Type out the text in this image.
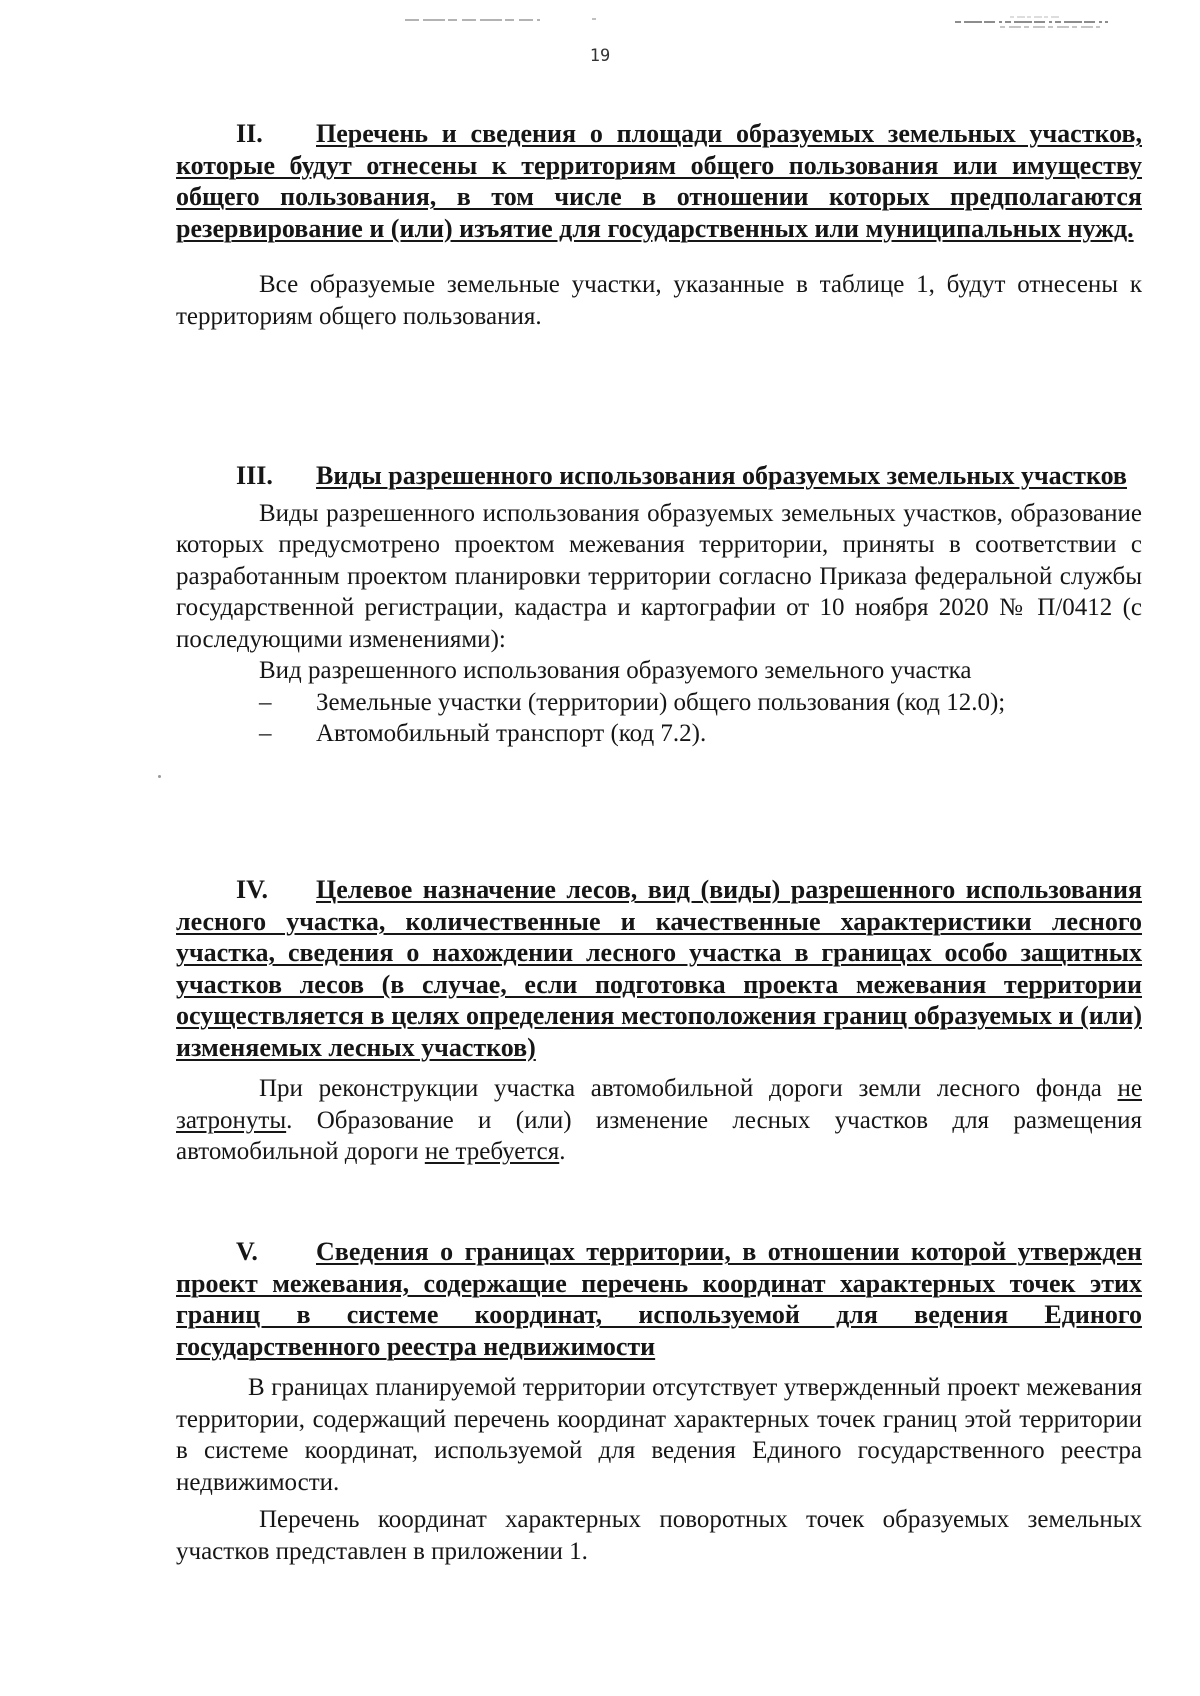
19
II. Перечень и сведения о площади образуемых земельных участков, которые будут отнесены к территориям общего пользования или имуществу общего пользования, в том числе в отношении которых предполагаются резервирование и (или) изъятие для государственных или муниципальных нужд.

Все образуемые земельные участки, указанные в таблице 1, будут отнесены к территориям общего пользования.

III. Виды разрешенного использования образуемых земельных участков

Виды разрешенного использования образуемых земельных участков, образование которых предусмотрено проектом межевания территории, приняты в соответствии с разработанным проектом планировки территории согласно Приказа федеральной службы государственной регистрации, кадастра и картографии от 10 ноября 2020 № П/0412 (с последующими изменениями):

Вид разрешенного использования образуемого земельного участка

– Земельные участки (территории) общего пользования (код 12.0);
– Автомобильный транспорт (код 7.2).
IV. Целевое назначение лесов, вид (виды) разрешенного использования лесного участка, количественные и качественные характеристики лесного участка, сведения о нахождении лесного участка в границах особо защитных участков лесов (в случае, если подготовка проекта межевания территории осуществляется в целях определения местоположения границ образуемых и (или) изменяемых лесных участков)

При реконструкции участка автомобильной дороги земли лесного фонда не затронуты. Образование и (или) изменение лесных участков для размещения автомобильной дороги не требуется.

V. Сведения о границах территории, в отношении которой утвержден проект межевания, содержащие перечень координат характерных точек этих границ в системе координат, используемой для ведения Единого государственного реестра недвижимости

В границах планируемой территории отсутствует утвержденный проект межевания территории, содержащий перечень координат характерных точек границ этой территории в системе координат, используемой для ведения Единого государственного реестра недвижимости.

Перечень координат характерных поворотных точек образуемых земельных участков представлен в приложении 1.
